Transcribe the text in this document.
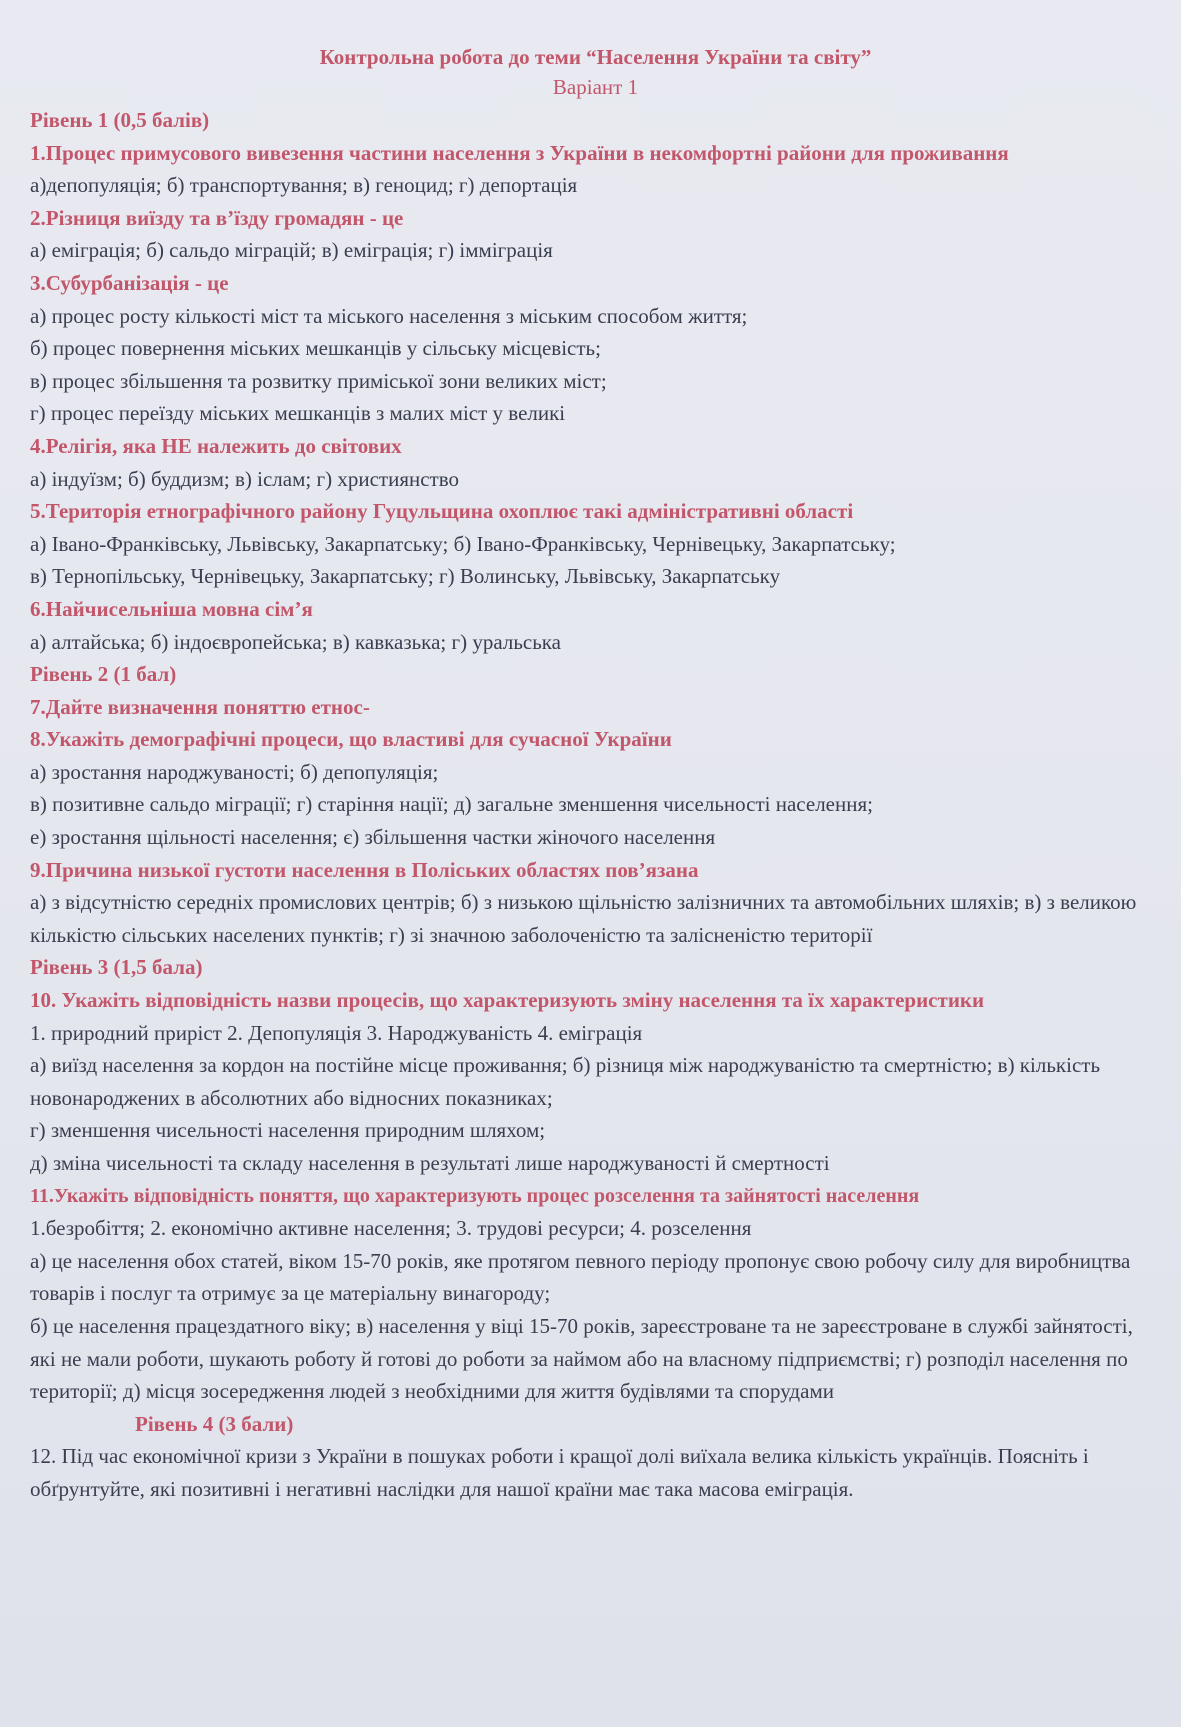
Контрольна робота до теми “Населення України та світу”

Варіант 1

Рівень 1 (0,5 балів)

1.Процес примусового вивезення частини населення з України в некомфортні райони для проживання

а)депопуляція; б) транспортування; в) геноцид; г) депортація

2.Різниця виїзду та в’їзду громадян - це

а) еміграція; б) сальдо міграцій; в) еміграція; г) імміграція

3.Субурбанізація - це

а) процес росту кількості міст та міського населення з міським способом життя;

б) процес повернення міських мешканців у сільську місцевість;

в) процес збільшення та розвитку приміської зони великих міст;

г) процес переїзду міських мешканців з малих міст у великі

4.Релігія, яка НЕ належить до світових

а) індуїзм; б) буддизм; в) іслам; г) християнство

5.Територія етнографічного району Гуцульщина охоплює такі адміністративні області

а) Івано-Франківську, Львівську, Закарпатську; б) Івано-Франківську, Чернівецьку, Закарпатську;

в) Тернопільську, Чернівецьку, Закарпатську; г) Волинську, Львівську, Закарпатську

6.Найчисельніша мовна сім’я

а) алтайська; б) індоєвропейська; в) кавказька; г) уральська

Рівень 2 (1 бал)

7.Дайте визначення поняттю етнос-

8.Укажіть демографічні процеси, що властиві для сучасної України

а) зростання народжуваності; б) депопуляція;

в) позитивне сальдо міграції; г) старіння нації; д) загальне зменшення чисельності населення;

е) зростання щільності населення; є) збільшення частки жіночого населення

9.Причина низької густоти населення в Поліських областях пов’язана

а) з відсутністю середніх промислових центрів; б) з низькою щільністю залізничних та автомобільних шляхів; в) з великою кількістю сільських населених пунктів; г) зі значною заболоченістю та залісненістю території

Рівень 3 (1,5 бала)

10. Укажіть відповідність назви процесів, що характеризують зміну населення та їх характеристики

1. природний приріст 2. Депопуляція 3. Народжуваність 4. еміграція

а) виїзд населення за кордон на постійне місце проживання; б) різниця між народжуваністю та смертністю; в) кількість новонароджених в абсолютних або відносних показниках;

г) зменшення чисельності населення природним шляхом;

д) зміна чисельності та складу населення в результаті лише народжуваності й смертності

11.Укажіть відповідність поняття, що характеризують процес розселення та зайнятості населення

1.безробіття; 2. економічно активне населення; 3. трудові ресурси; 4. розселення

а) це населення обох статей, віком 15-70 років, яке протягом певного періоду пропонує свою робочу силу для виробництва товарів і послуг та отримує за це матеріальну винагороду;

б) це населення працездатного віку; в) населення у віці 15-70 років, зареєстроване та не зареєстроване в службі зайнятості, які не мали роботи, шукають роботу й готові до роботи за наймом або на власному підприємстві; г) розподіл населення по території; д) місця зосередження людей з необхідними для життя будівлями та спорудами

Рівень 4 (3 бали)

12. Під час економічної кризи з України в пошуках роботи і кращої долі виїхала велика кількість українців. Поясніть і обґрунтуйте, які позитивні і негативні наслідки для нашої країни має така масова еміграція.
